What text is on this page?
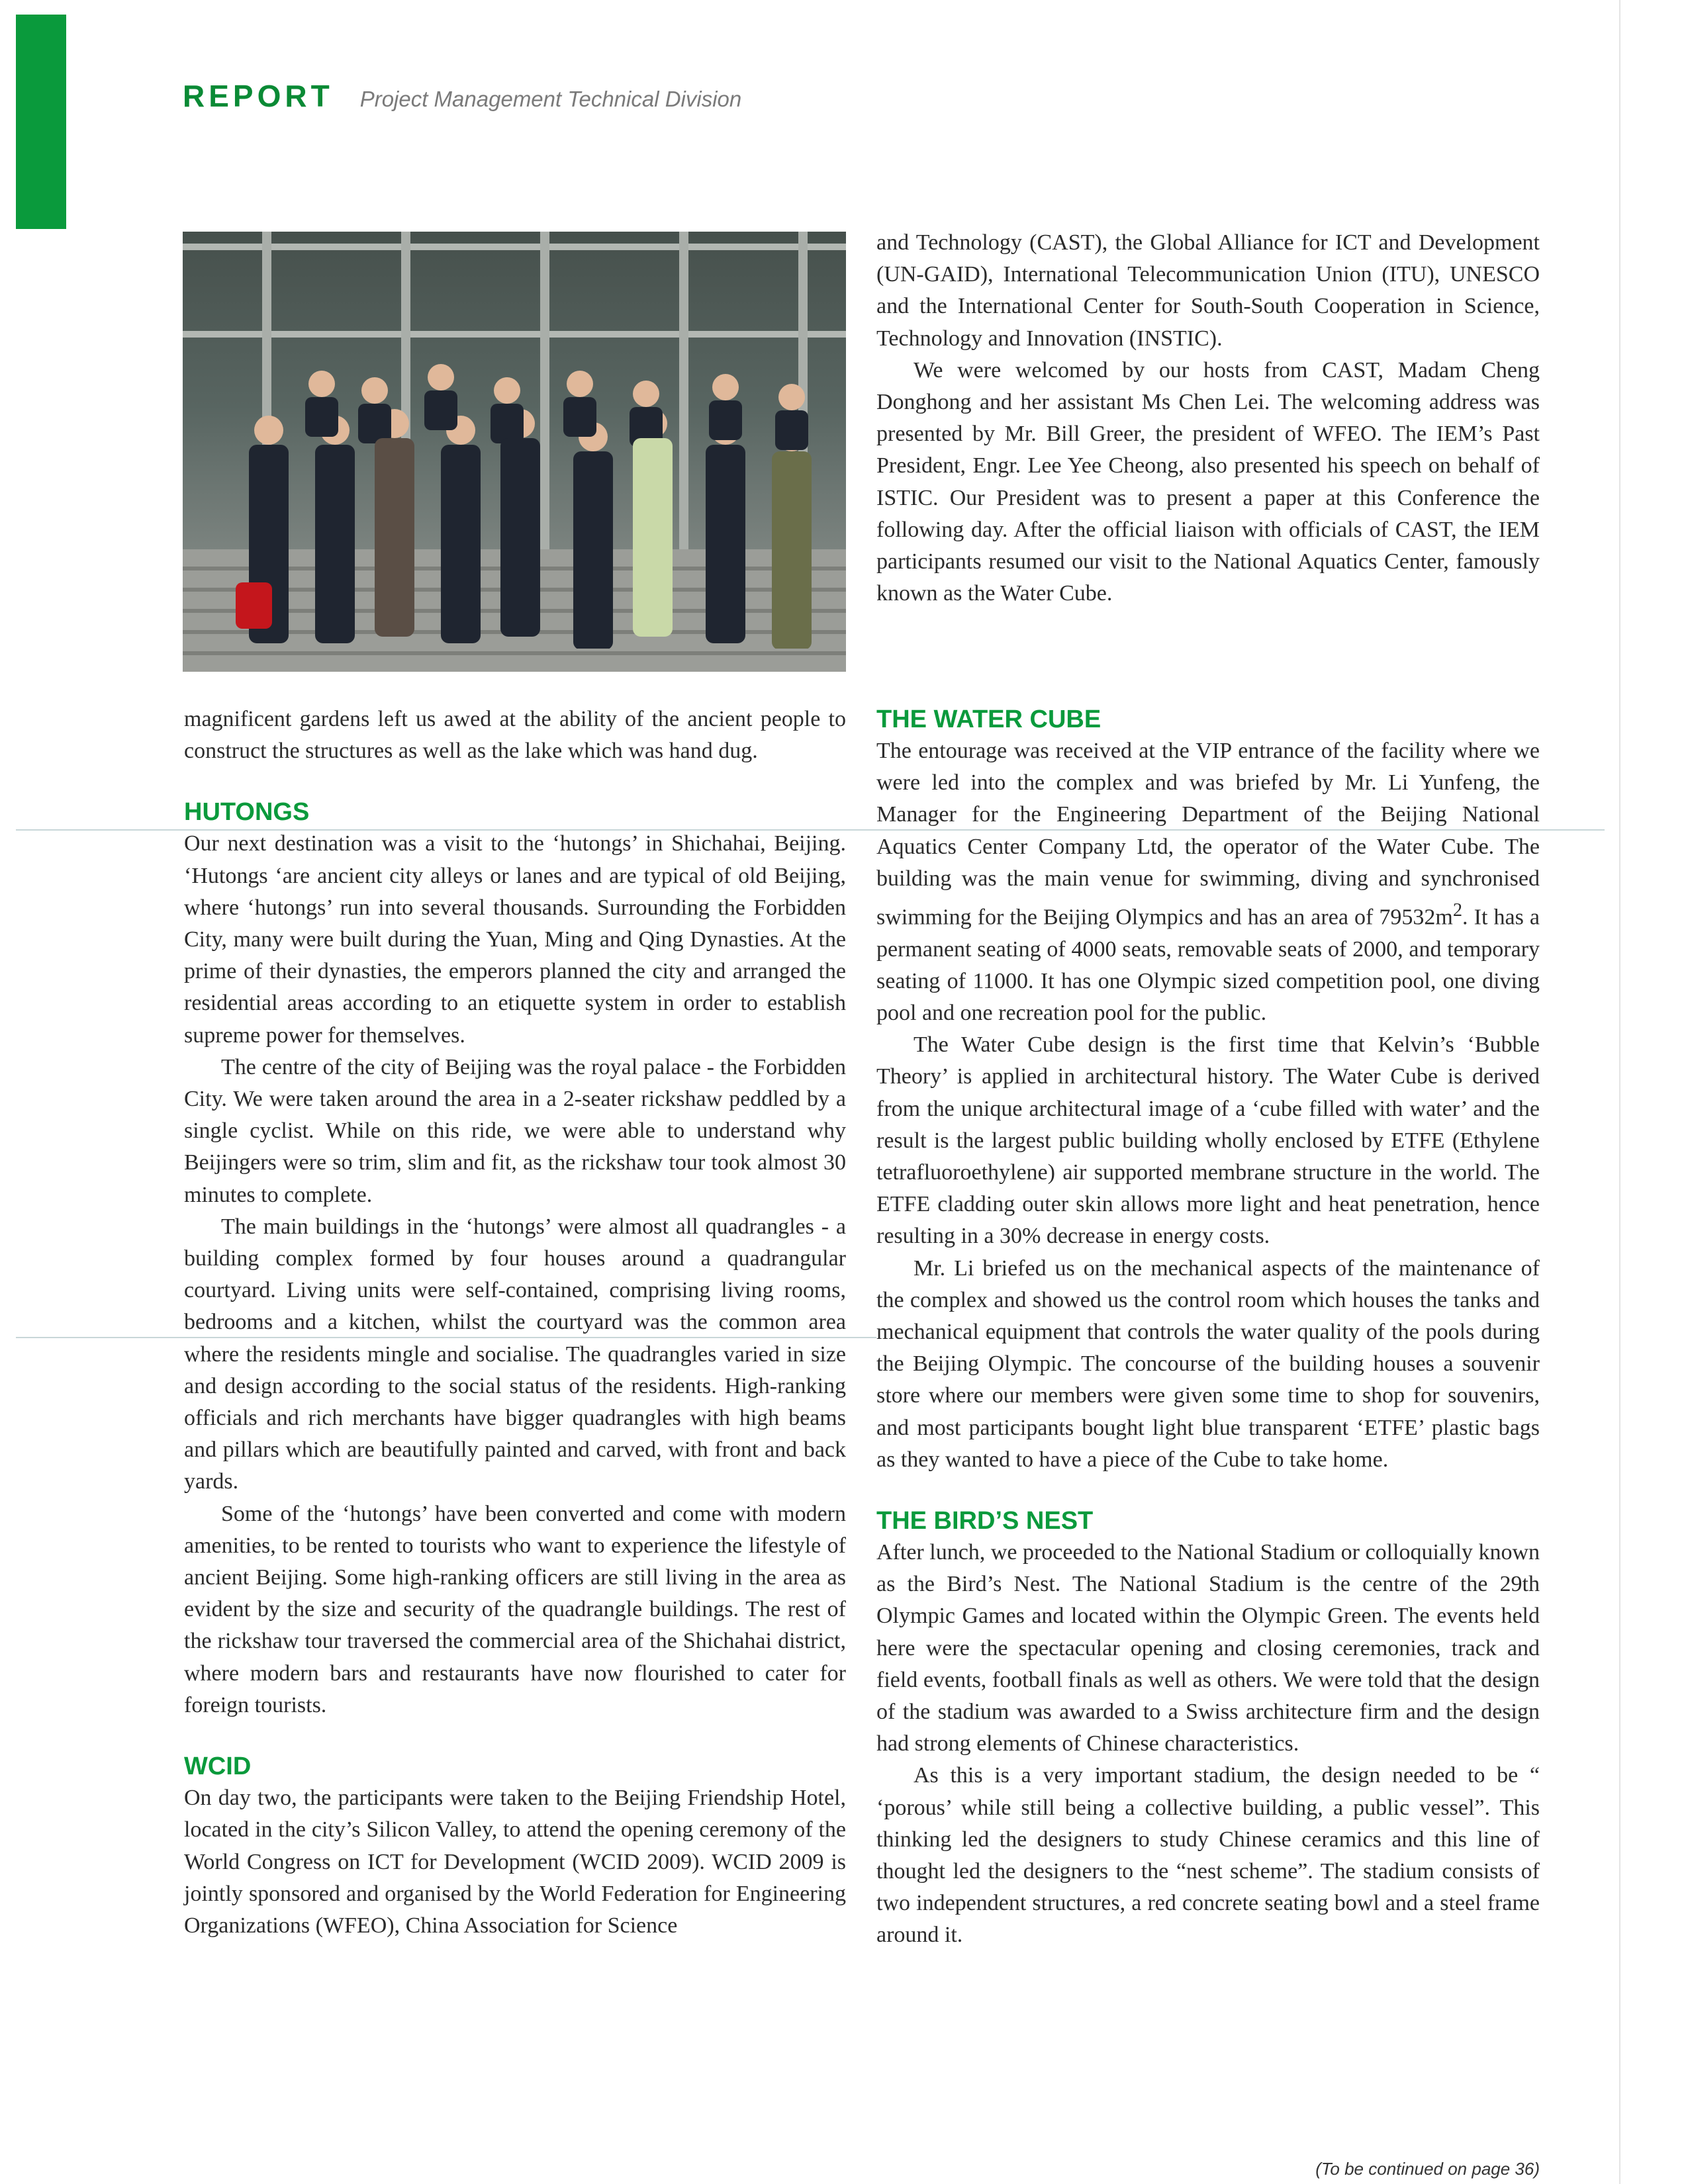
REPORT Project Management Technical Division

and Technology (CAST), the Global Alliance for ICT and Development (UN-GAID), International Telecommunication Union (ITU), UNESCO and the International Center for South-South Cooperation in Science, Technology and Innovation (INSTIC).

We were welcomed by our hosts from CAST, Madam Cheng Donghong and her assistant Ms Chen Lei. The welcoming address was presented by Mr. Bill Greer, the president of WFEO. The IEM’s Past President, Engr. Lee Yee Cheong, also presented his speech on behalf of ISTIC. Our President was to present a paper at this Conference the following day. After the official liaison with officials of CAST, the IEM participants resumed our visit to the National Aquatics Center, famously known as the Water Cube.

magnificent gardens left us awed at the ability of the ancient people to construct the structures as well as the lake which was hand dug.

HUTONGS

Our next destination was a visit to the ‘hutongs’ in Shichahai, Beijing. ‘Hutongs ‘are ancient city alleys or lanes and are typical of old Beijing, where ‘hutongs’ run into several thousands. Surrounding the Forbidden City, many were built during the Yuan, Ming and Qing Dynasties. At the prime of their dynasties, the emperors planned the city and arranged the residential areas according to an etiquette system in order to establish supreme power for themselves.

The centre of the city of Beijing was the royal palace - the Forbidden City. We were taken around the area in a 2-seater rickshaw peddled by a single cyclist. While on this ride, we were able to understand why Beijingers were so trim, slim and fit, as the rickshaw tour took almost 30 minutes to complete.

The main buildings in the ‘hutongs’ were almost all quadrangles - a building complex formed by four houses around a quadrangular courtyard. Living units were self-contained, comprising living rooms, bedrooms and a kitchen, whilst the courtyard was the common area where the residents mingle and socialise. The quadrangles varied in size and design according to the social status of the residents. High-ranking officials and rich merchants have bigger quadrangles with high beams and pillars which are beautifully painted and carved, with front and back yards.

Some of the ‘hutongs’ have been converted and come with modern amenities, to be rented to tourists who want to experience the lifestyle of ancient Beijing. Some high-ranking officers are still living in the area as evident by the size and security of the quadrangle buildings. The rest of the rickshaw tour traversed the commercial area of the Shichahai district, where modern bars and restaurants have now flourished to cater for foreign tourists.

WCID

On day two, the participants were taken to the Beijing Friendship Hotel, located in the city’s Silicon Valley, to attend the opening ceremony of the World Congress on ICT for Development (WCID 2009). WCID 2009 is jointly sponsored and organised by the World Federation for Engineering Organizations (WFEO), China Association for Science

THE WATER CUBE

The entourage was received at the VIP entrance of the facility where we were led into the complex and was briefed by Mr. Li Yunfeng, the Manager for the Engineering Department of the Beijing National Aquatics Center Company Ltd, the operator of the Water Cube. The building was the main venue for swimming, diving and synchronised swimming for the Beijing Olympics and has an area of $79532m^2$. It has a permanent seating of 4000 seats, removable seats of 2000, and temporary seating of 11000. It has one Olympic sized competition pool, one diving pool and one recreation pool for the public.

The Water Cube design is the first time that Kelvin’s ‘Bubble Theory’ is applied in architectural history. The Water Cube is derived from the unique architectural image of a ‘cube filled with water’ and the result is the largest public building wholly enclosed by ETFE (Ethylene tetrafluoroethylene) air supported membrane structure in the world. The ETFE cladding outer skin allows more light and heat penetration, hence resulting in a 30% decrease in energy costs.

Mr. Li briefed us on the mechanical aspects of the maintenance of the complex and showed us the control room which houses the tanks and mechanical equipment that controls the water quality of the pools during the Beijing Olympic. The concourse of the building houses a souvenir store where our members were given some time to shop for souvenirs, and most participants bought light blue transparent ‘ETFE’ plastic bags as they wanted to have a piece of the Cube to take home.

THE BIRD’S NEST

After lunch, we proceeded to the National Stadium or colloquially known as the Bird’s Nest. The National Stadium is the centre of the 29th Olympic Games and located within the Olympic Green. The events held here were the spectacular opening and closing ceremonies, track and field events, football finals as well as others. We were told that the design of the stadium was awarded to a Swiss architecture firm and the design had strong elements of Chinese characteristics.

As this is a very important stadium, the design needed to be “ ‘porous’ while still being a collective building, a public vessel”. This thinking led the designers to study Chinese ceramics and this line of thought led the designers to the “nest scheme”. The stadium consists of two independent structures, a red concrete seating bowl and a steel frame around it.

(To be continued on page 36)
